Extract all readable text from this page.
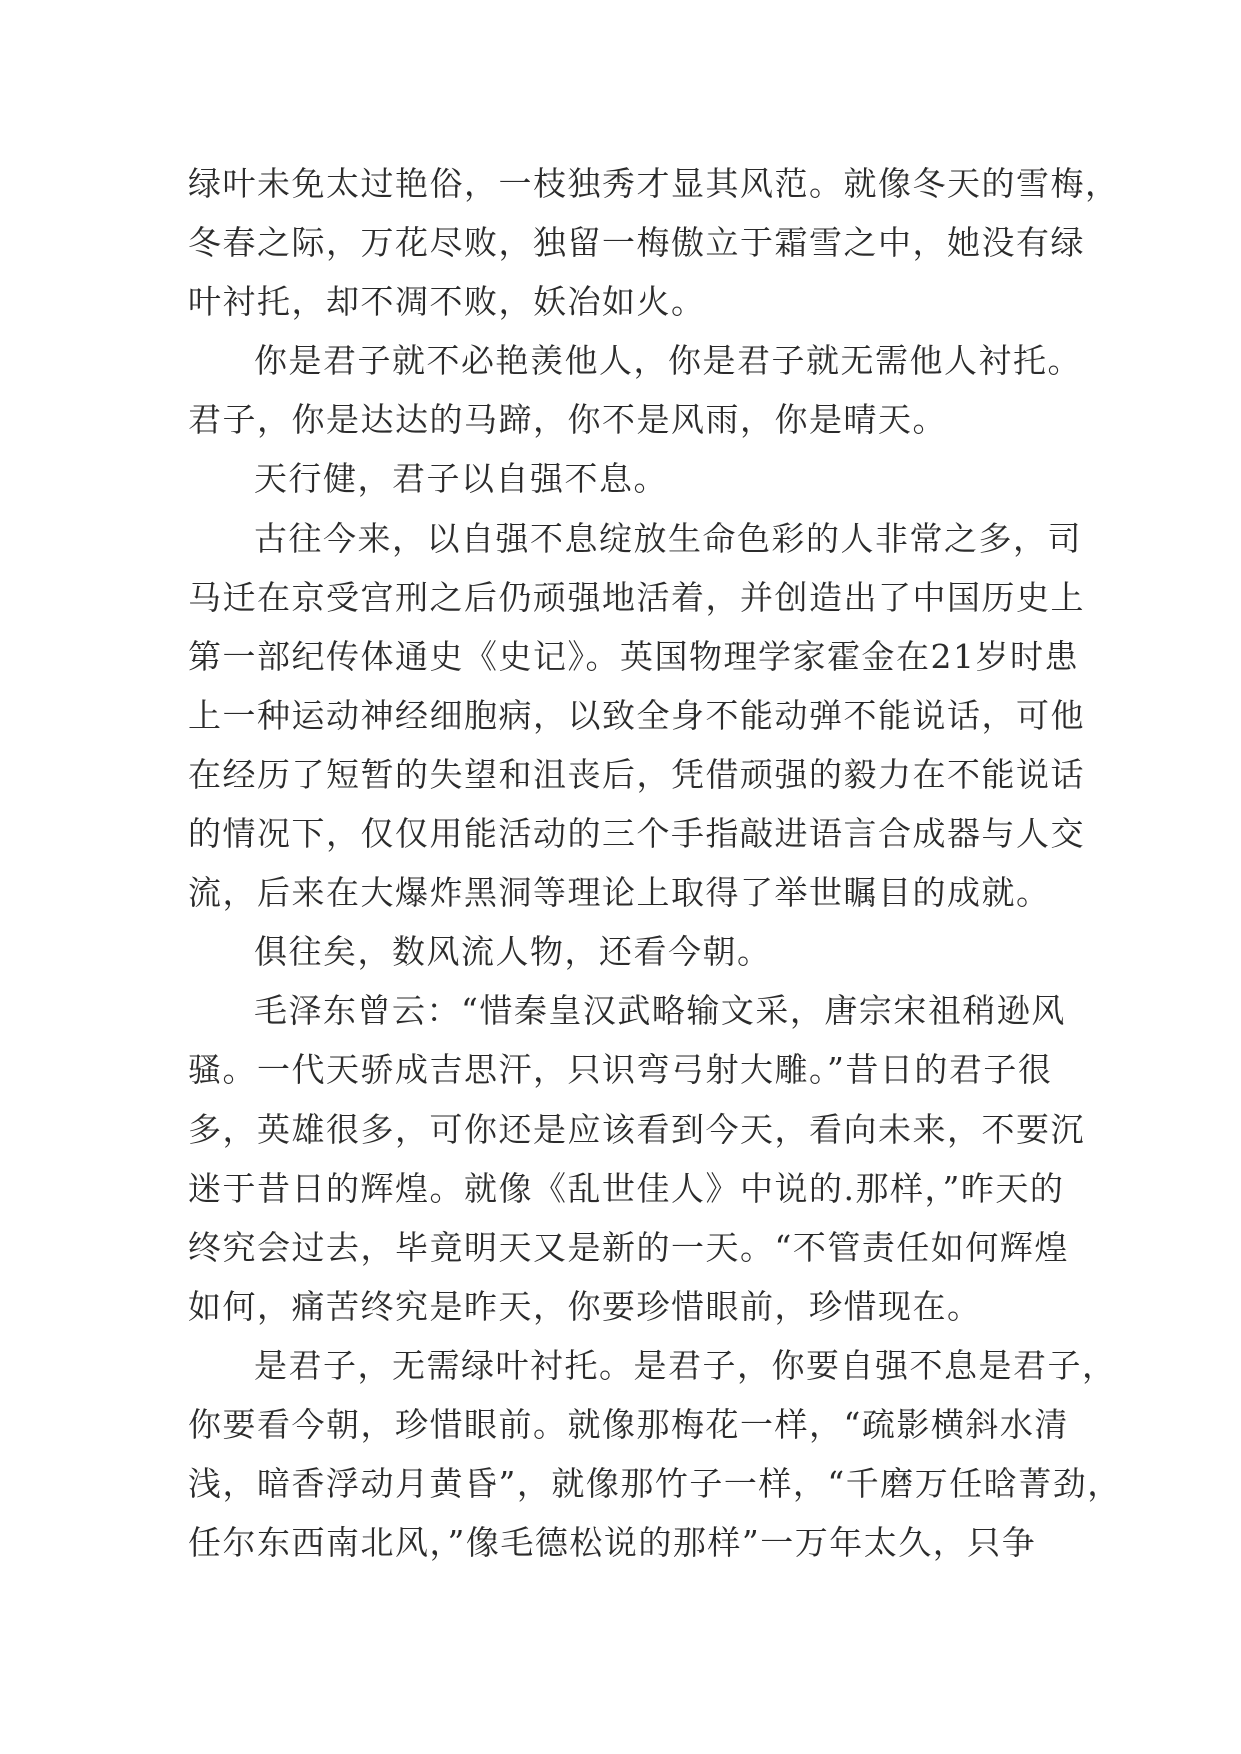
绿叶未免太过艳俗，一枝独秀才显其风范。就像冬天的雪梅，
冬春之际，万花尽败，独留一梅傲立于霜雪之中，她没有绿
叶衬托，却不凋不败，妖冶如火。
你是君子就不必艳羡他人，你是君子就无需他人衬托。
君子，你是达达的马蹄，你不是风雨，你是晴天。
天行健，君子以自强不息。
古往今来，以自强不息绽放生命色彩的人非常之多，司
马迁在京受宫刑之后仍顽强地活着，并创造出了中国历史上
第一部纪传体通史《史记》。英国物理学家霍金在21岁时患
上一种运动神经细胞病，以致全身不能动弹不能说话，可他
在经历了短暂的失望和沮丧后，凭借顽强的毅力在不能说话
的情况下，仅仅用能活动的三个手指敲进语言合成器与人交
流，后来在大爆炸黑洞等理论上取得了举世瞩目的成就。
俱往矣，数风流人物，还看今朝。
毛泽东曾云：“惜秦皇汉武略输文采，唐宗宋祖稍逊风
骚。一代天骄成吉思汗，只识弯弓射大雕。”昔日的君子很
多，英雄很多，可你还是应该看到今天，看向未来，不要沉
迷于昔日的辉煌。就像《乱世佳人》中说的.那样，”昨天的
终究会过去，毕竟明天又是新的一天。“不管责任如何辉煌
如何，痛苦终究是昨天，你要珍惜眼前，珍惜现在。
是君子，无需绿叶衬托。是君子，你要自强不息是君子，
你要看今朝，珍惜眼前。就像那梅花一样，“疏影横斜水清
浅，暗香浮动月黄昏”，就像那竹子一样，“千磨万任晗菁劲，
任尔东西南北风，”像毛德松说的那样”一万年太久，只争
